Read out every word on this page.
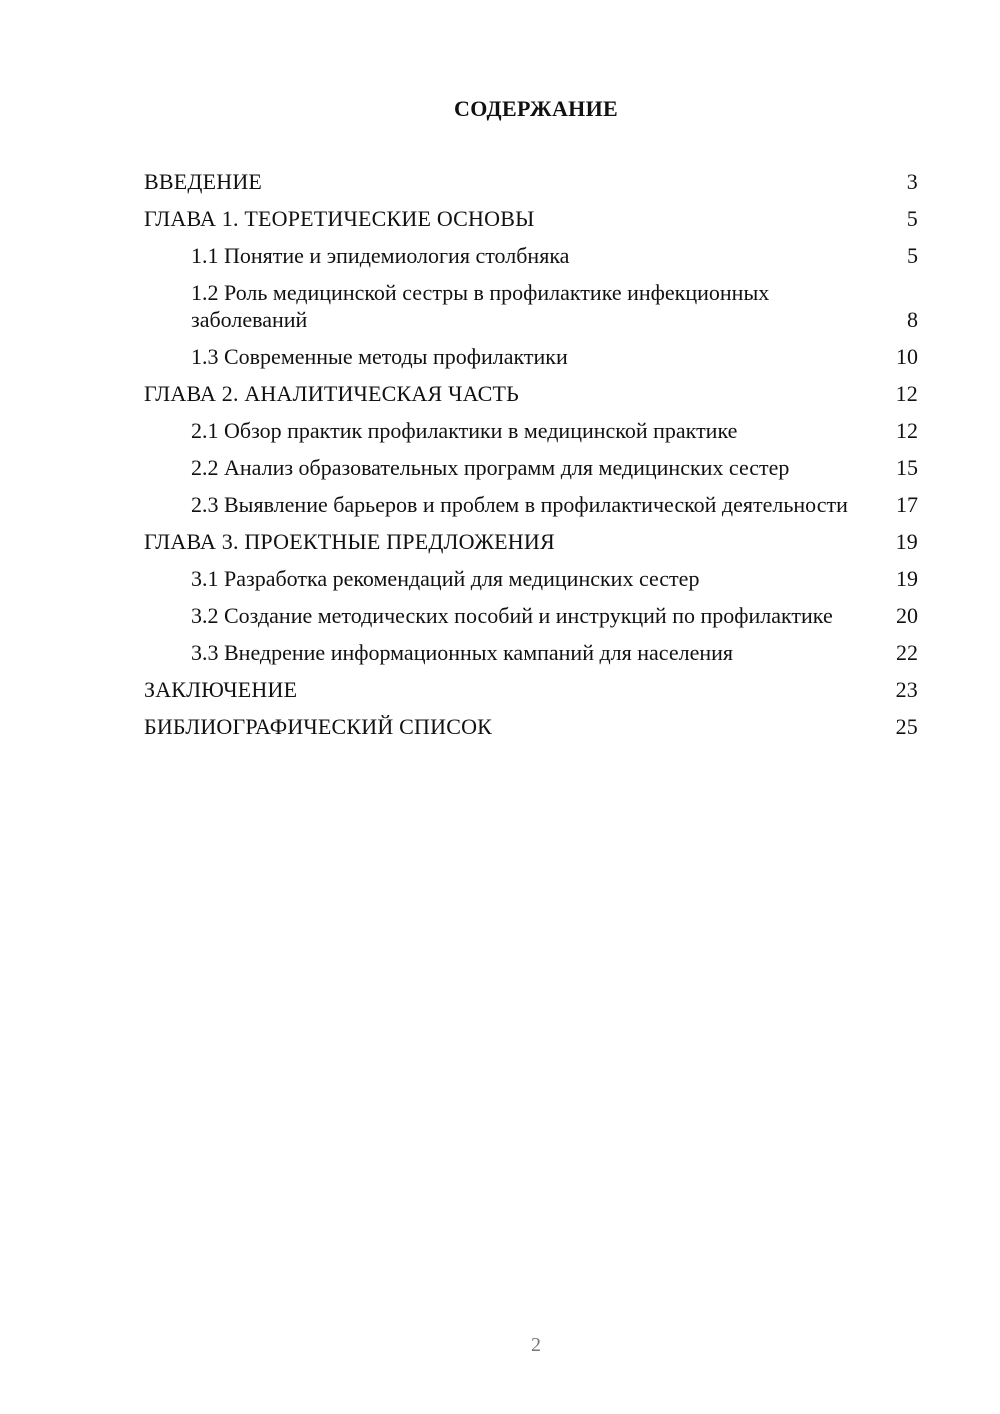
СОДЕРЖАНИЕ
ВВЕДЕНИЕ	3
ГЛАВА 1. ТЕОРЕТИЧЕСКИЕ ОСНОВЫ	5
1.1 Понятие и эпидемиология столбняка	5
1.2 Роль медицинской сестры в профилактике инфекционных заболеваний	8
1.3 Современные методы профилактики	10
ГЛАВА 2. АНАЛИТИЧЕСКАЯ ЧАСТЬ	12
2.1 Обзор практик профилактики в медицинской практике	12
2.2 Анализ образовательных программ для медицинских сестер	15
2.3 Выявление барьеров и проблем в профилактической деятельности 17
ГЛАВА 3. ПРОЕКТНЫЕ ПРЕДЛОЖЕНИЯ	19
3.1 Разработка рекомендаций для медицинских сестер	19
3.2 Создание методических пособий и инструкций по профилактике	20
3.3 Внедрение информационных кампаний для населения	22
ЗАКЛЮЧЕНИЕ	23
БИБЛИОГРАФИЧЕСКИЙ СПИСОК	25
2
